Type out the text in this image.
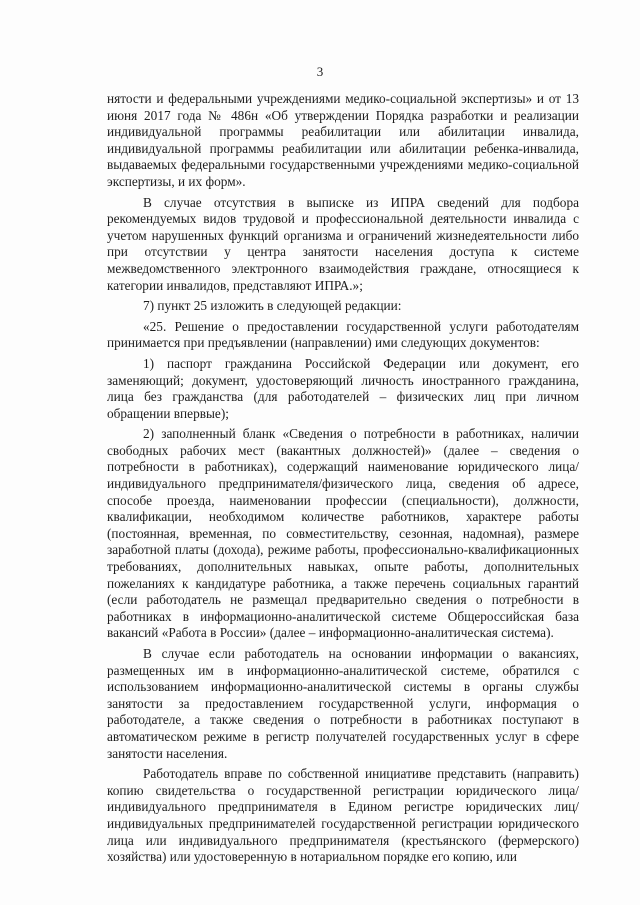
3

нятости и федеральными учреждениями медико-социальной экспертизы» и от 13 июня 2017 года № 486н «Об утверждении Порядка разработки и реализации индивидуальной программы реабилитации или абилитации инвалида, индивидуальной программы реабилитации или абилитации ребенка-инвалида, выдаваемых федеральными государственными учреждениями медико-социальной экспертизы, и их форм».

В случае отсутствия в выписке из ИПРА сведений для подбора рекомендуемых видов трудовой и профессиональной деятельности инвалида с учетом нарушенных функций организма и ограничений жизнедеятельности либо при отсутствии у центра занятости населения доступа к системе межведомственного электронного взаимодействия граждане, относящиеся к категории инвалидов, представляют ИПРА.»;

7) пункт 25 изложить в следующей редакции:

«25. Решение о предоставлении государственной услуги работодателям принимается при предъявлении (направлении) ими следующих документов:

1) паспорт гражданина Российской Федерации или документ, его заменяющий; документ, удостоверяющий личность иностранного гражданина, лица без гражданства (для работодателей – физических лиц при личном обращении впервые);

2) заполненный бланк «Сведения о потребности в работниках, наличии свободных рабочих мест (вакантных должностей)» (далее – сведения о потребности в работниках), содержащий наименование юридического лица/индивидуального предпринимателя/физического лица, сведения об адресе, способе проезда, наименовании профессии (специальности), должности, квалификации, необходимом количестве работников, характере работы (постоянная, временная, по совместительству, сезонная, надомная), размере заработной платы (дохода), режиме работы, профессионально-квалификационных требованиях, дополнительных навыках, опыте работы, дополнительных пожеланиях к кандидатуре работника, а также перечень социальных гарантий (если работодатель не размещал предварительно сведения о потребности в работниках в информационно-аналитической системе Общероссийская база вакансий «Работа в России» (далее – информационно-аналитическая система).

В случае если работодатель на основании информации о вакансиях, размещенных им в информационно-аналитической системе, обратился с использованием информационно-аналитической системы в органы службы занятости за предоставлением государственной услуги, информация о работодателе, а также сведения о потребности в работниках поступают в автоматическом режиме в регистр получателей государственных услуг в сфере занятости населения.

Работодатель вправе по собственной инициативе представить (направить) копию свидетельства о государственной регистрации юридического лица/индивидуального предпринимателя в Едином регистре юридических лиц/индивидуальных предпринимателей государственной регистрации юридического лица или индивидуального предпринимателя (крестьянского (фермерского) хозяйства) или удостоверенную в нотариальном порядке его копию, или
